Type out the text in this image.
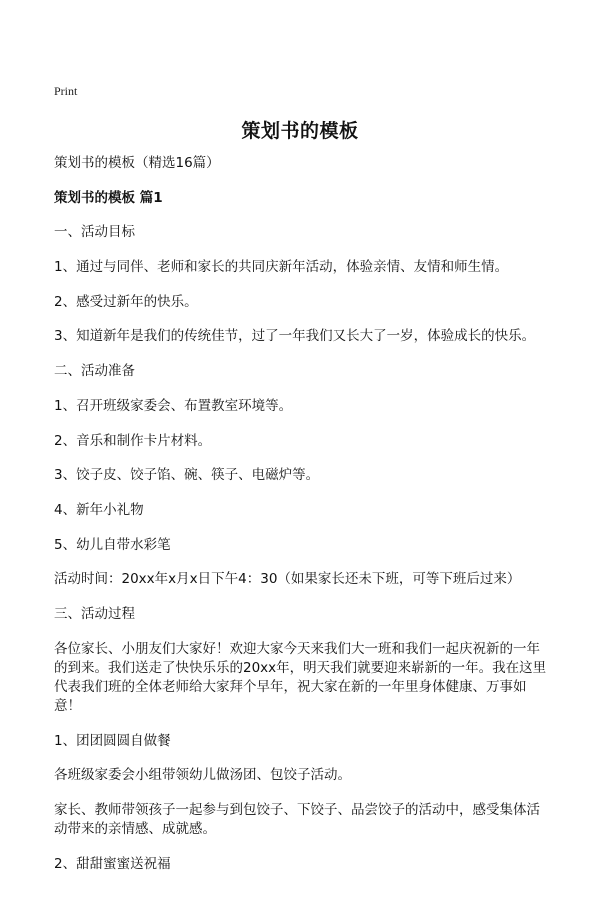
Print
策划书的模板
策划书的模板（精选16篇）
策划书的模板 篇1
一、活动目标
1、通过与同伴、老师和家长的共同庆新年活动，体验亲情、友情和师生情。
2、感受过新年的快乐。
3、知道新年是我们的传统佳节，过了一年我们又长大了一岁，体验成长的快乐。
二、活动准备
1、召开班级家委会、布置教室环境等。
2、音乐和制作卡片材料。
3、饺子皮、饺子馅、碗、筷子、电磁炉等。
4、新年小礼物
5、幼儿自带水彩笔
活动时间：20xx年x月x日下午4：30（如果家长还未下班，可等下班后过来）
三、活动过程
各位家长、小朋友们大家好！欢迎大家今天来我们大一班和我们一起庆祝新的一年的到来。我们送走了快快乐乐的20xx年，明天我们就要迎来崭新的一年。我在这里代表我们班的全体老师给大家拜个早年，祝大家在新的一年里身体健康、万事如意！
1、团团圆圆自做餐
各班级家委会小组带领幼儿做汤团、包饺子活动。
家长、教师带领孩子一起参与到包饺子、下饺子、品尝饺子的活动中，感受集体活动带来的亲情感、成就感。
2、甜甜蜜蜜送祝福
